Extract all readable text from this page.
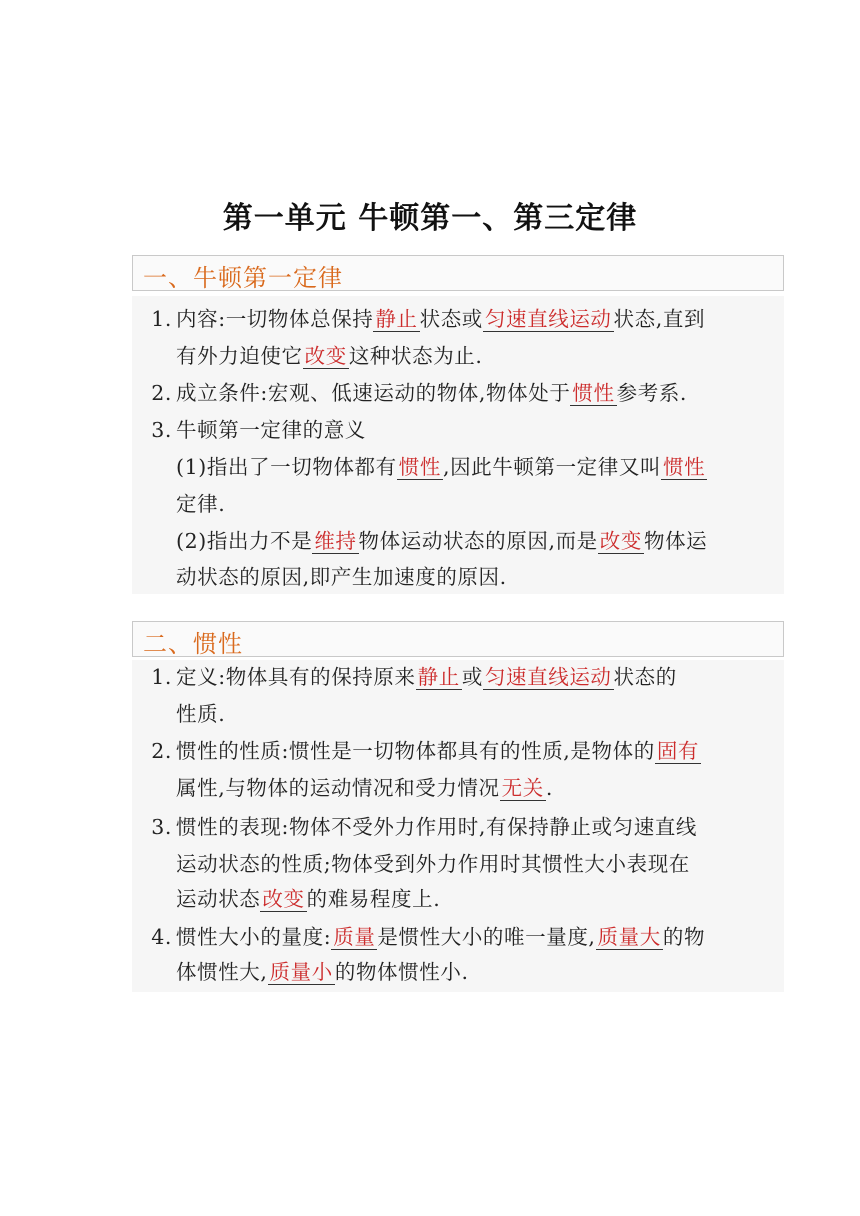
第一单元 牛顿第一、第三定律
一、牛顿第一定律
1. 内容:一切物体总保持静止状态或匀速直线运动状态,直到
有外力迫使它改变这种状态为止.
2. 成立条件:宏观、低速运动的物体,物体处于惯性参考系.
3. 牛顿第一定律的意义
(1)指出了一切物体都有惯性,因此牛顿第一定律又叫惯性
定律.
(2)指出力不是维持物体运动状态的原因,而是改变物体运
动状态的原因,即产生加速度的原因.
二、惯性
1. 定义:物体具有的保持原来静止或匀速直线运动状态的
性质.
2. 惯性的性质:惯性是一切物体都具有的性质,是物体的固有
属性,与物体的运动情况和受力情况无关.
3. 惯性的表现:物体不受外力作用时,有保持静止或匀速直线
运动状态的性质;物体受到外力作用时其惯性大小表现在
运动状态改变的难易程度上.
4. 惯性大小的量度:质量是惯性大小的唯一量度,质量大的物
体惯性大,质量小的物体惯性小.
